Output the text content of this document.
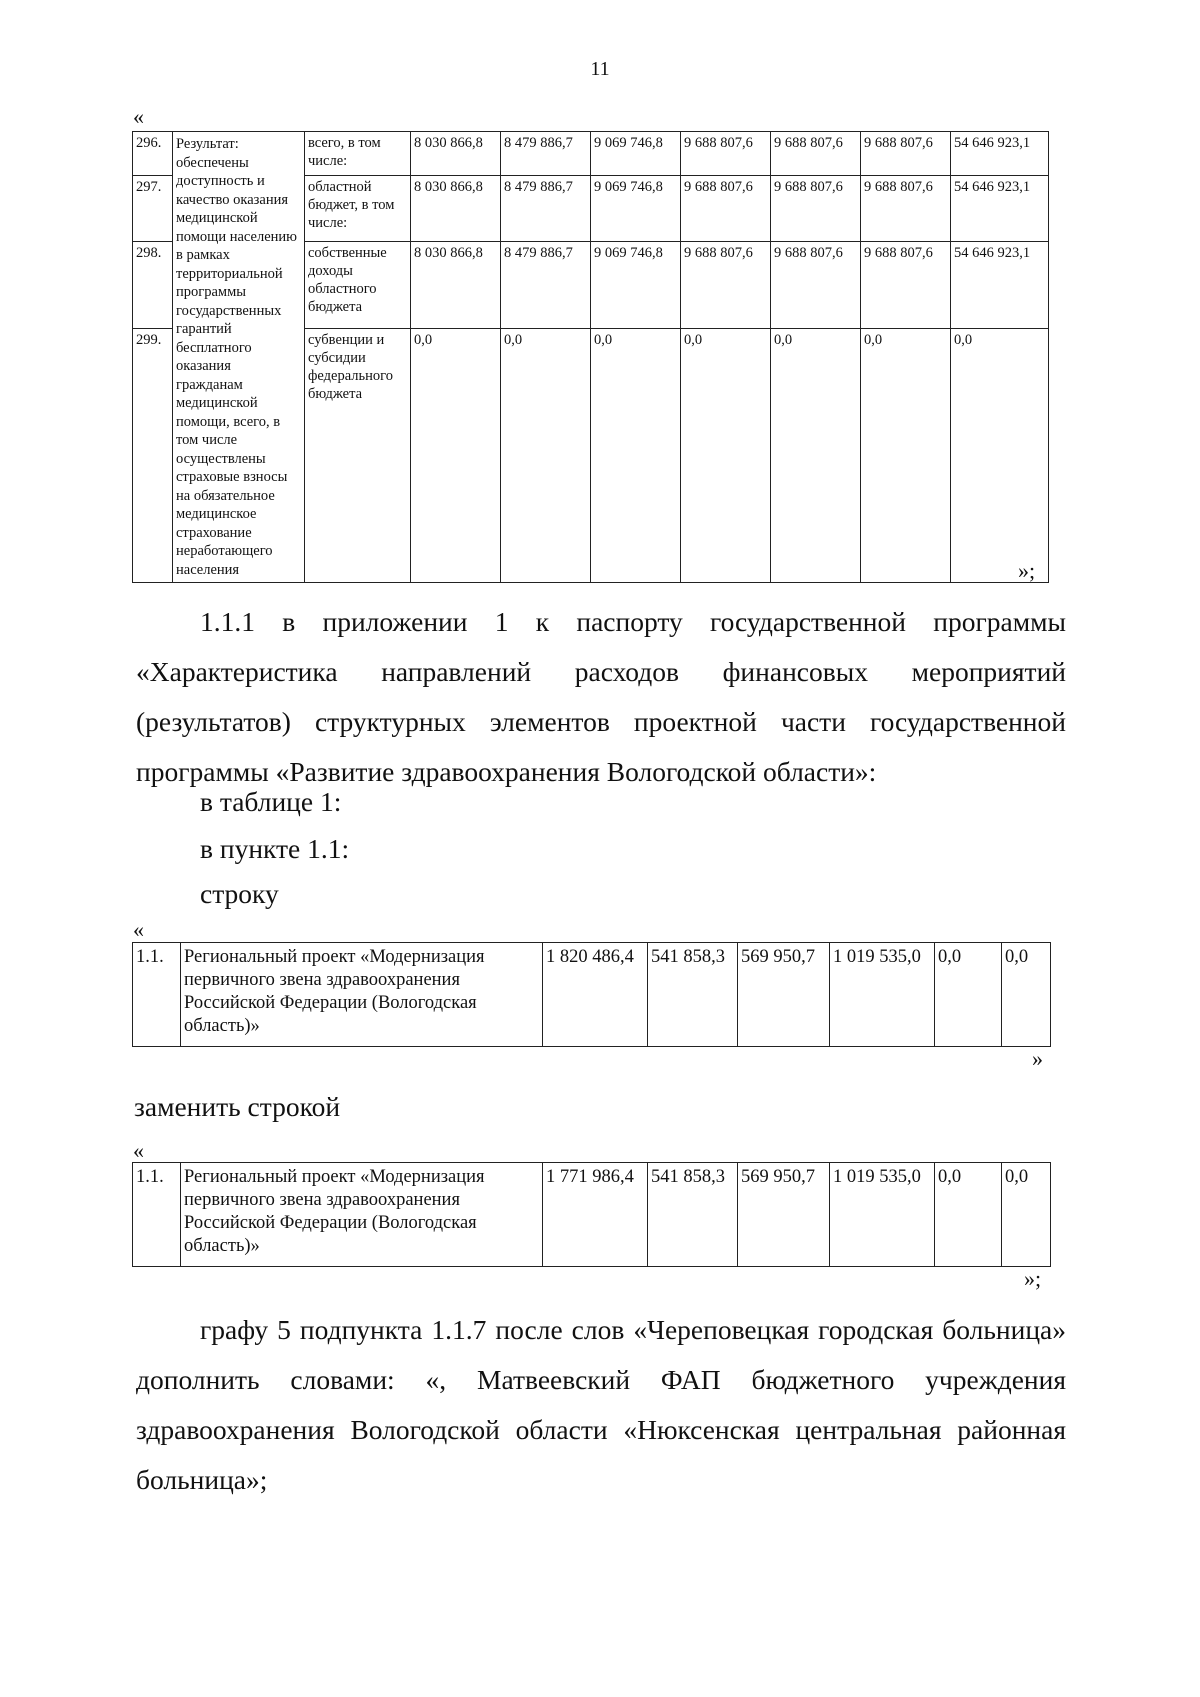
11
«
296.	Результат: обеспечены доступность и качество оказания медицинской помощи населению в рамках территориальной программы государственных гарантий бесплатного оказания гражданам медицинской помощи, всего, в том числе осуществлены страховые взносы на обязательное медицинское страхование неработающего населения	всего, в том числе:	8 030 866,8	8 479 886,7	9 069 746,8	9 688 807,6	9 688 807,6	9 688 807,6	54 646 923,1
297.		областной бюджет, в том числе:	8 030 866,8	8 479 886,7	9 069 746,8	9 688 807,6	9 688 807,6	9 688 807,6	54 646 923,1
298.		собственные доходы областного бюджета	8 030 866,8	8 479 886,7	9 069 746,8	9 688 807,6	9 688 807,6	9 688 807,6	54 646 923,1
299.		субвенции и субсидии федерального бюджета	0,0	0,0	0,0	0,0	0,0	0,0	0,0
»;
1.1.1 в приложении 1 к паспорту государственной программы «Характеристика направлений расходов финансовых мероприятий (результатов) структурных элементов проектной части государственной программы «Развитие здравоохранения Вологодской области»:
в таблице 1:
в пункте 1.1:
строку
«
1.1.	Региональный проект «Модернизация первичного звена здравоохранения Российской Федерации (Вологодская область)»	1 820 486,4	541 858,3	569 950,7	1 019 535,0	0,0	0,0
»
заменить строкой
«
1.1.	Региональный проект «Модернизация первичного звена здравоохранения Российской Федерации (Вологодская область)»	1 771 986,4	541 858,3	569 950,7	1 019 535,0	0,0	0,0
»;
графу 5 подпункта 1.1.7 после слов «Череповецкая городская больница» дополнить словами: «, Матвеевский ФАП бюджетного учреждения здравоохранения Вологодской области «Нюксенская центральная районная больница»;
